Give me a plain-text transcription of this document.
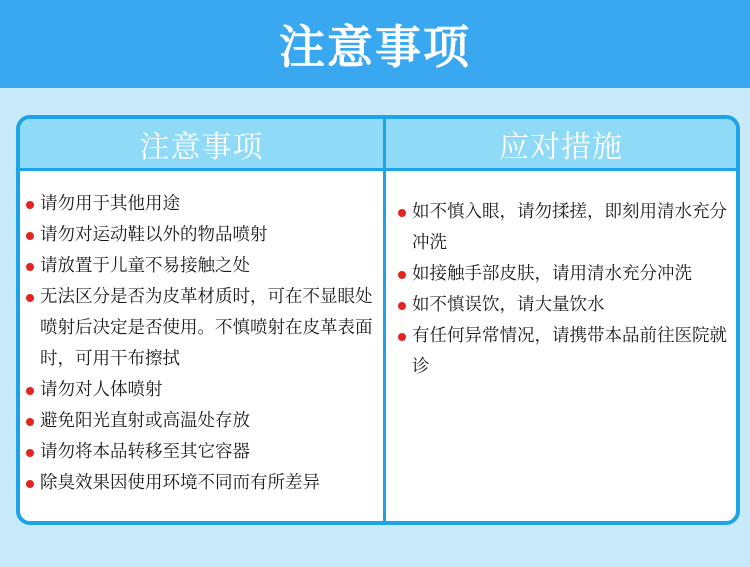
注意事项
注意事项
请勿用于其他用途
请勿对运动鞋以外的物品喷射
请放置于儿童不易接触之处
无法区分是否为皮革材质时，可在不显眼处喷射后决定是否使用。不慎喷射在皮革表面时，可用干布擦拭
请勿对人体喷射
避免阳光直射或高温处存放
请勿将本品转移至其它容器
除臭效果因使用环境不同而有所差异
应对措施
如不慎入眼，请勿揉搓，即刻用清水充分冲洗
如接触手部皮肤，请用清水充分冲洗
如不慎误饮，请大量饮水
有任何异常情况，请携带本品前往医院就诊
